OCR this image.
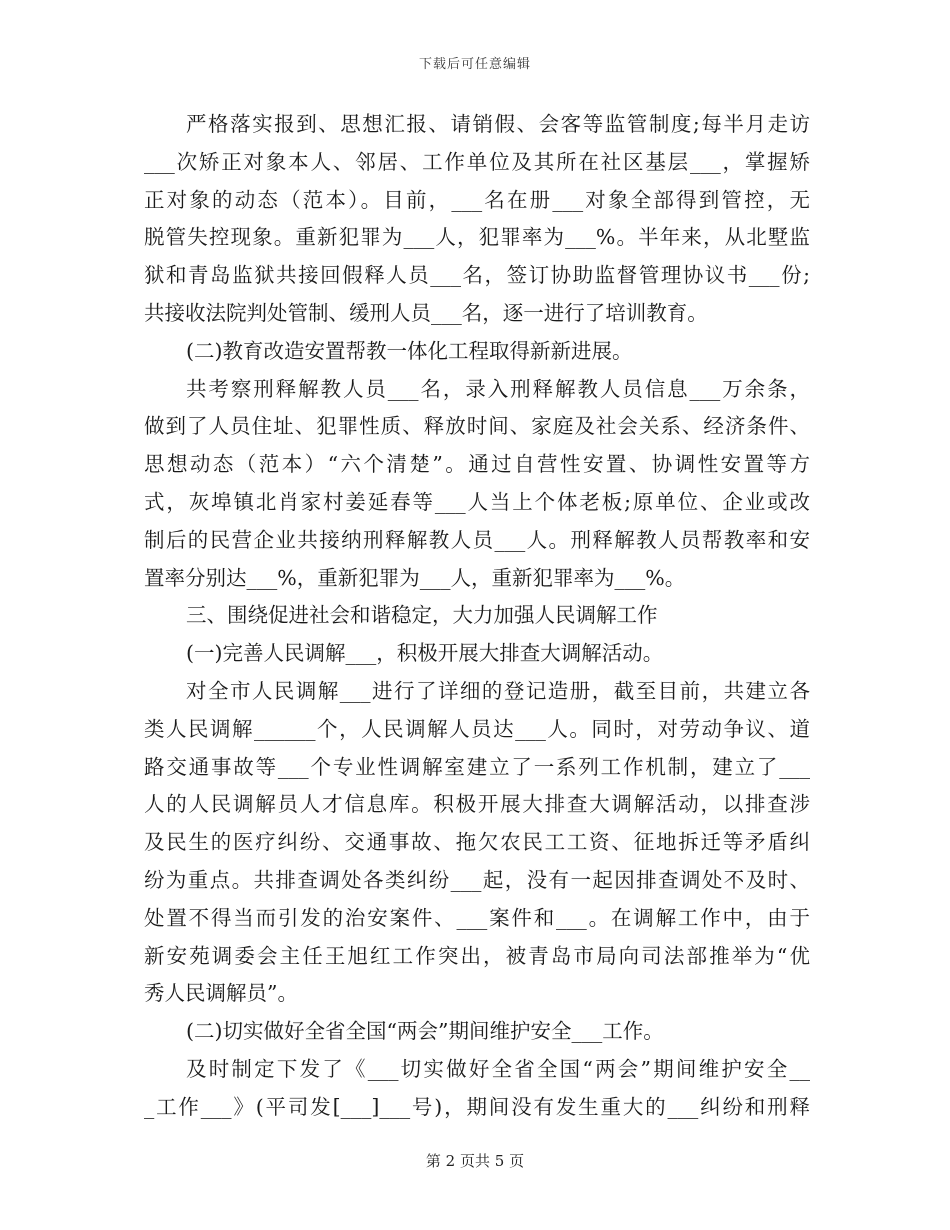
下载后可任意编辑
严格落实报到、思想汇报、请销假、会客等监管制度;每半月走访
___次矫正对象本人、邻居、工作单位及其所在社区基层___，掌握矫
正对象的动态（范本）。目前，___名在册___对象全部得到管控，无
脱管失控现象。重新犯罪为___人，犯罪率为___%。半年来，从北墅监
狱和青岛监狱共接回假释人员___名，签订协助监督管理协议书___份;
共接收法院判处管制、缓刑人员___名，逐一进行了培训教育。
(二)教育改造安置帮教一体化工程取得新新进展。
共考察刑释解教人员___名，录入刑释解教人员信息___万余条，
做到了人员住址、犯罪性质、释放时间、家庭及社会关系、经济条件、
思想动态（范本）“六个清楚”。通过自营性安置、协调性安置等方
式，灰埠镇北肖家村姜延春等___人当上个体老板;原单位、企业或改
制后的民营企业共接纳刑释解教人员___人。刑释解教人员帮教率和安
置率分别达___%，重新犯罪为___人，重新犯罪率为___%。
三、围绕促进社会和谐稳定，大力加强人民调解工作
(一)完善人民调解___，积极开展大排查大调解活动。
对全市人民调解___进行了详细的登记造册，截至目前，共建立各
类人民调解______个，人民调解人员达___人。同时，对劳动争议、道
路交通事故等___个专业性调解室建立了一系列工作机制，建立了___
人的人民调解员人才信息库。积极开展大排查大调解活动，以排查涉
及民生的医疗纠纷、交通事故、拖欠农民工工资、征地拆迁等矛盾纠
纷为重点。共排查调处各类纠纷___起，没有一起因排查调处不及时、
处置不得当而引发的治安案件、___案件和___。在调解工作中，由于
新安苑调委会主任王旭红工作突出，被青岛市局向司法部推举为“优
秀人民调解员”。
(二)切实做好全省全国“两会”期间维护安全___工作。
及时制定下发了《___切实做好全省全国“两会”期间维护安全__
_工作___》(平司发[___]___号)，期间没有发生重大的___纠纷和刑释
第 2 页共 5 页
